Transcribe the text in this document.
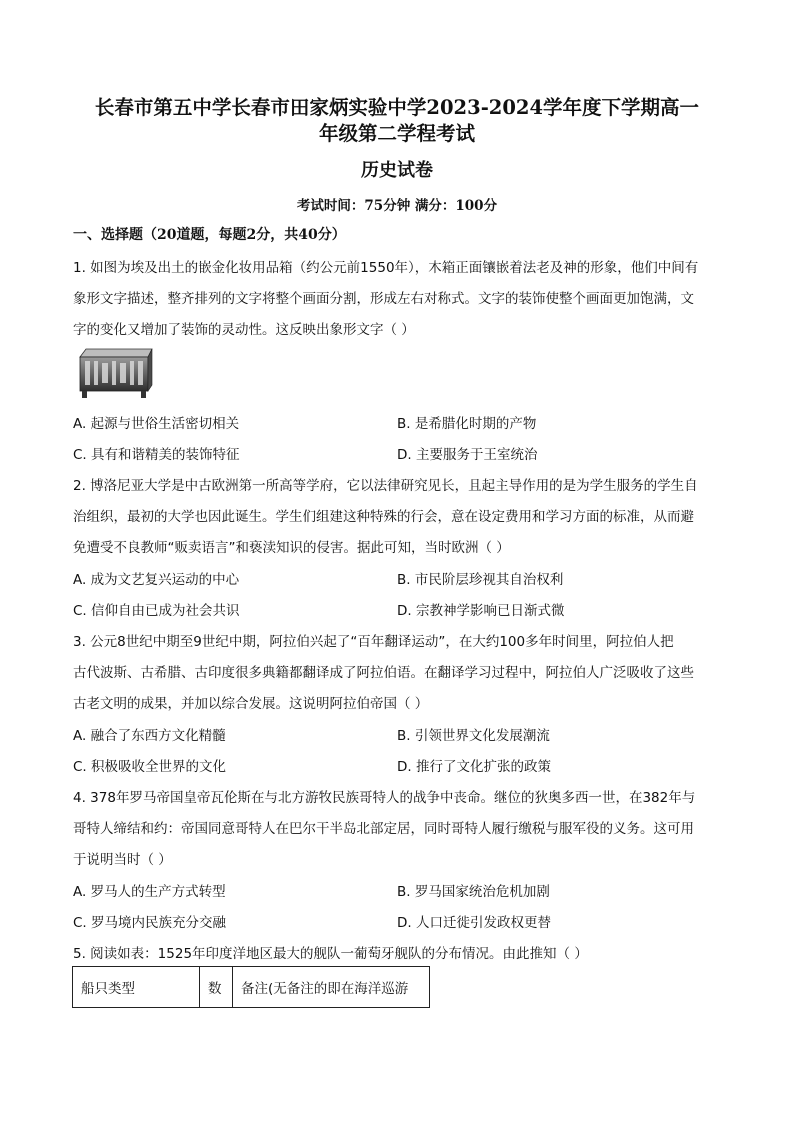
长春市第五中学长春市田家炳实验中学2023-2024学年度下学期高一
年级第二学程考试
历史试卷
考试时间：75分钟 满分：100分
一、选择题（20道题，每题2分，共40分）
1. 如图为埃及出土的嵌金化妆用品箱（约公元前1550年），木箱正面镶嵌着法老及神的形象，他们中间有
象形文字描述，整齐排列的文字将整个画面分割，形成左右对称式。文字的装饰使整个画面更加饱满，文
字的变化又增加了装饰的灵动性。这反映出象形文字（ ）
A. 起源与世俗生活密切相关	B. 是希腊化时期的产物
C. 具有和谐精美的装饰特征	D. 主要服务于王室统治
2. 博洛尼亚大学是中古欧洲第一所高等学府，它以法律研究见长，且起主导作用的是为学生服务的学生自
治组织，最初的大学也因此诞生。学生们组建这种特殊的行会，意在设定费用和学习方面的标准，从而避
免遭受不良教师“贩卖语言”和亵渎知识的侵害。据此可知，当时欧洲（ ）
A. 成为文艺复兴运动的中心	B. 市民阶层珍视其自治权利
C. 信仰自由已成为社会共识	D. 宗教神学影响已日渐式微
3. 公元8世纪中期至9世纪中期，阿拉伯兴起了“百年翻译运动”，在大约100多年时间里，阿拉伯人把
古代波斯、古希腊、古印度很多典籍都翻译成了阿拉伯语。在翻译学习过程中，阿拉伯人广泛吸收了这些
古老文明的成果，并加以综合发展。这说明阿拉伯帝国（ ）
A. 融合了东西方文化精髓	B. 引领世界文化发展潮流
C. 积极吸收全世界的文化	D. 推行了文化扩张的政策
4. 378年罗马帝国皇帝瓦伦斯在与北方游牧民族哥特人的战争中丧命。继位的狄奥多西一世，在382年与
哥特人缔结和约：帝国同意哥特人在巴尔干半岛北部定居，同时哥特人履行缴税与服军役的义务。这可用
于说明当时（ ）
A. 罗马人的生产方式转型	B. 罗马国家统治危机加剧
C. 罗马境内民族充分交融	D. 人口迁徙引发政权更替
5. 阅读如表：1525年印度洋地区最大的舰队一葡萄牙舰队的分布情况。由此推知（ ）
船只类型	数	备注(无备注的即在海洋巡游
